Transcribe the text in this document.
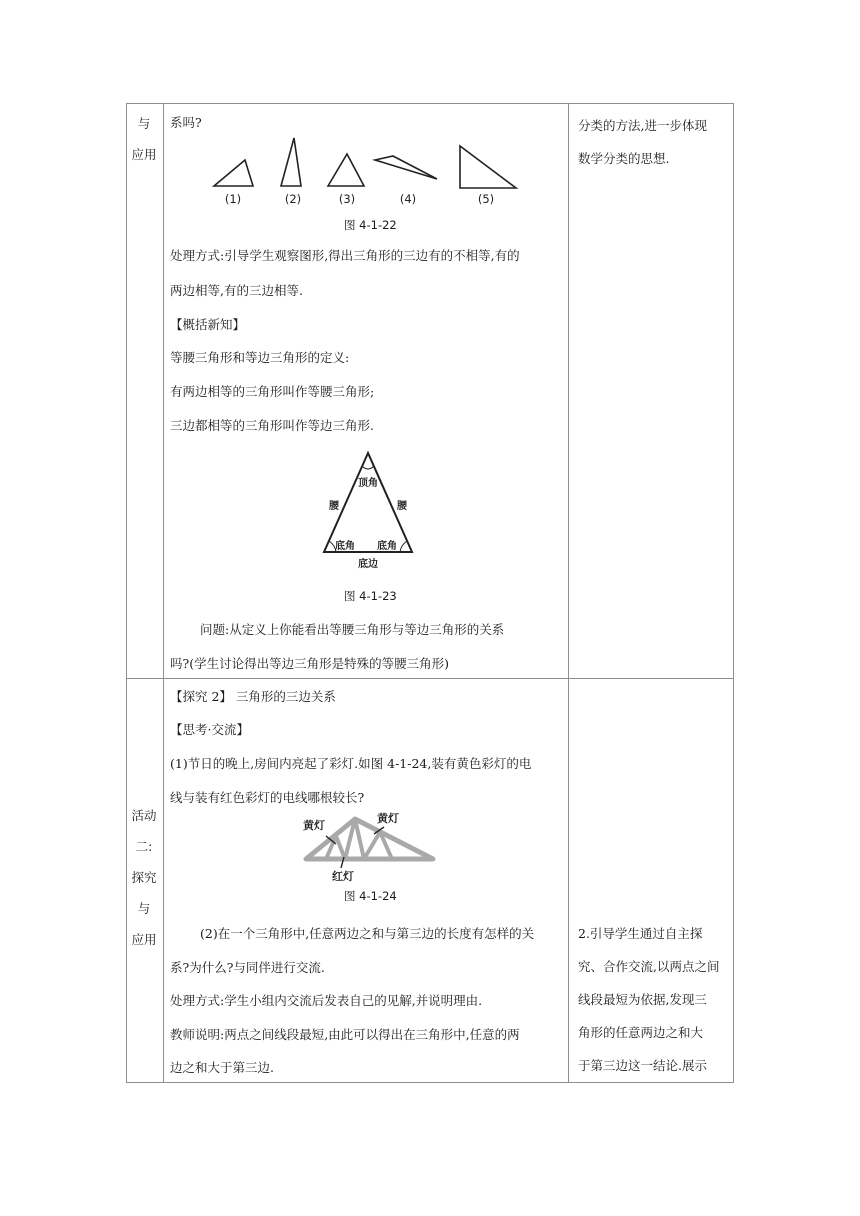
与
应用
系吗?
(1)	(2)	(3)	(4)	(5)
图 4-1-22
处理方式:引导学生观察图形,得出三角形的三边有的不相等,有的
两边相等,有的三边相等.
【概括新知】
等腰三角形和等边三角形的定义:
有两边相等的三角形叫作等腰三角形;
三边都相等的三角形叫作等边三角形.
顶角
腰	腰
底角 底角
底边
图 4-1-23
问题:从定义上你能看出等腰三角形与等边三角形的关系
吗?(学生讨论得出等边三角形是特殊的等腰三角形)
分类的方法,进一步体现
数学分类的思想.
活动
二:
探究
与
应用
【探究 2】 三角形的三边关系
【思考·交流】
(1)节日的晚上,房间内亮起了彩灯.如图 4-1-24,装有黄色彩灯的电
线与装有红色彩灯的电线哪根较长?
黄灯
黄灯
红灯
图 4-1-24
(2)在一个三角形中,任意两边之和与第三边的长度有怎样的关
系?为什么?与同伴进行交流.
处理方式:学生小组内交流后发表自己的见解,并说明理由.
教师说明:两点之间线段最短,由此可以得出在三角形中,任意的两
边之和大于第三边.
2.引导学生通过自主探
究、合作交流,以两点之间
线段最短为依据,发现三
角形的任意两边之和大
于第三边这一结论.展示
